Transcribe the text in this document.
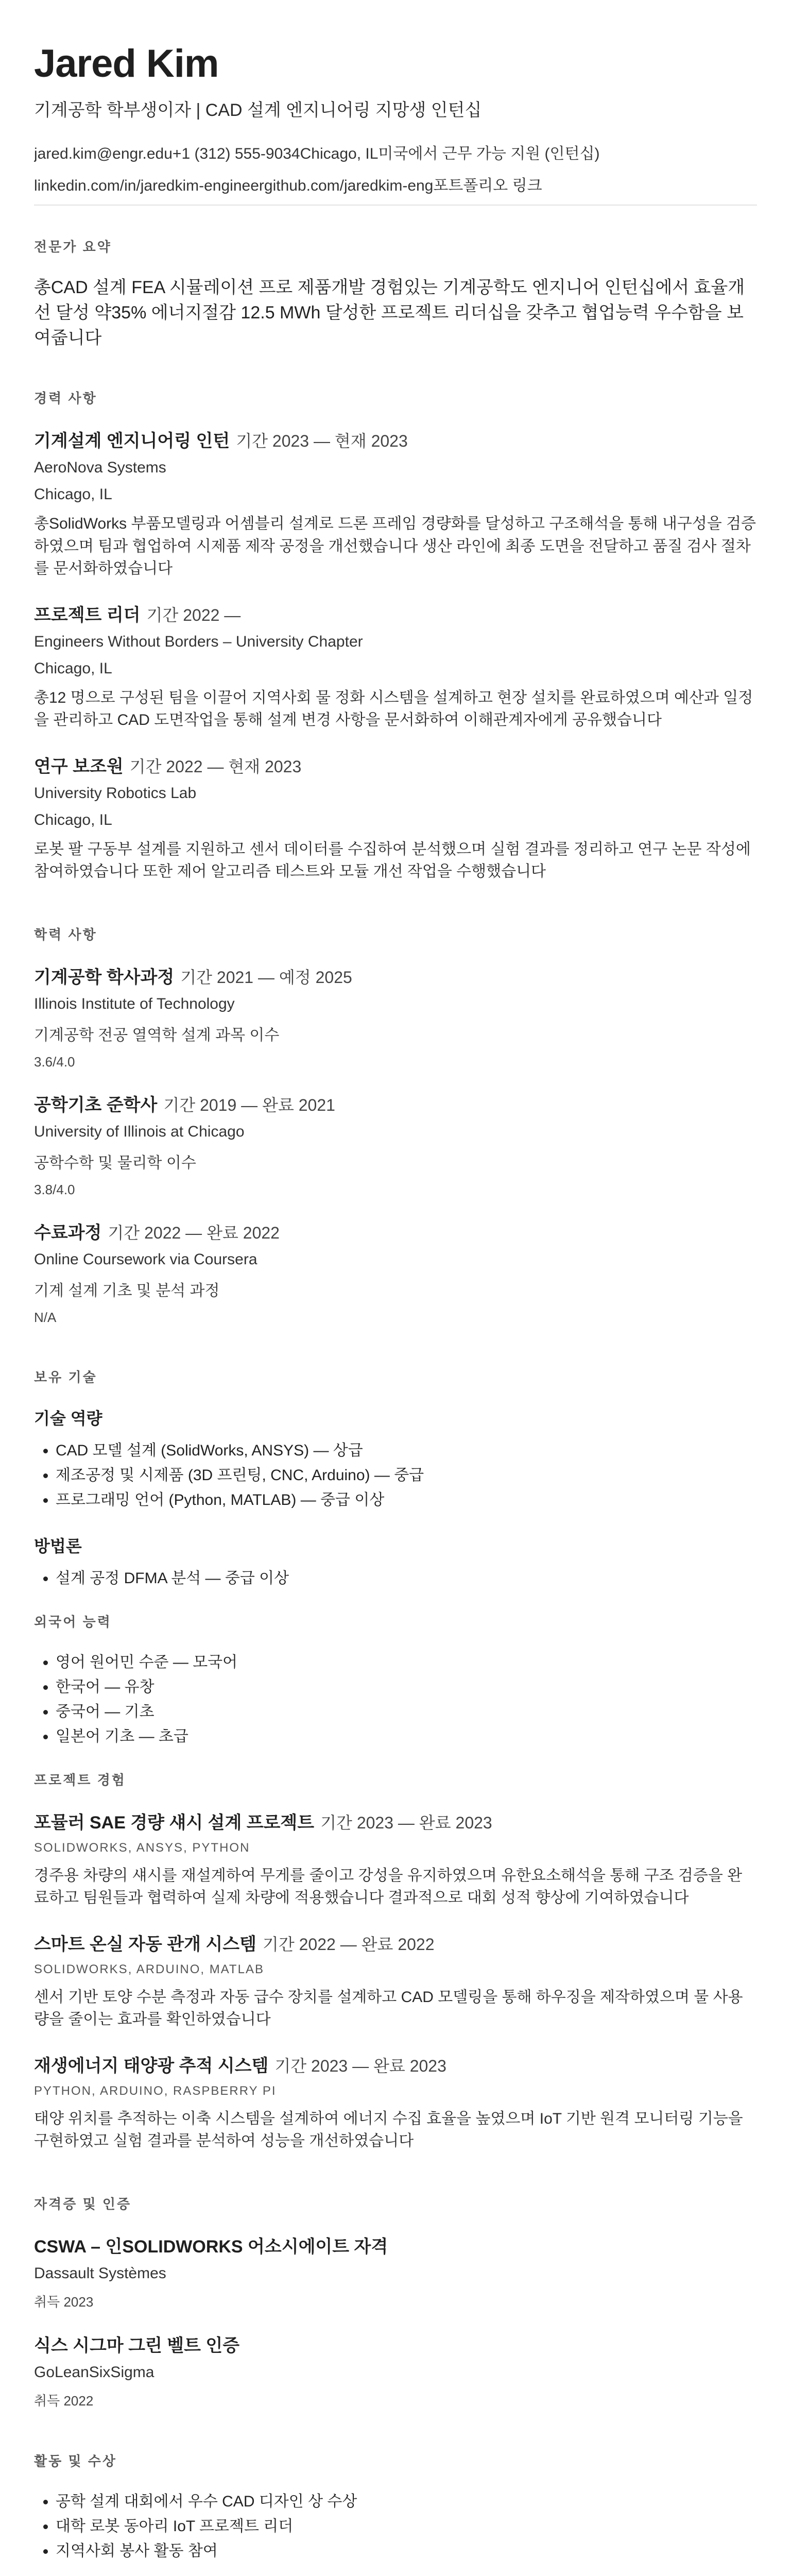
Jared Kim
기계공학 학부생이자 | CAD 설계 엔지니어링 지망생 인턴십
jared.kim@engr.edu+1 (312) 555-9034Chicago, IL미국에서 근무 가능 지원 (인턴십)
linkedin.com/in/jaredkim-engineergithub.com/jaredkim-eng포트폴리오 링크
전문가 요약

총CAD 설계 FEA 시뮬레이션 프로 제품개발 경험있는 기계공학도 엔지니어 인턴십에서 효율개선 달성 약35% 에너지절감 12.5 MWh 달성한 프로젝트 리더십을 갖추고 협업능력 우수함을 보여줍니다

경력 사항
기계설계 엔지니어링 인턴 기간 2023 — 현재 2023
AeroNova Systems
Chicago, IL

총SolidWorks 부품모델링과 어셈블리 설계로 드론 프레임 경량화를 달성하고 구조해석을 통해 내구성을 검증하였으며 팀과 협업하여 시제품 제작 공정을 개선했습니다 생산 라인에 최종 도면을 전달하고 품질 검사 절차를 문서화하였습니다

프로젝트 리더 기간 2022 —
Engineers Without Borders – University Chapter
Chicago, IL

총12 명으로 구성된 팀을 이끌어 지역사회 물 정화 시스템을 설계하고 현장 설치를 완료하였으며 예산과 일정을 관리하고 CAD 도면작업을 통해 설계 변경 사항을 문서화하여 이해관계자에게 공유했습니다

연구 보조원 기간 2022 — 현재 2023
University Robotics Lab
Chicago, IL

로봇 팔 구동부 설계를 지원하고 센서 데이터를 수집하여 분석했으며 실험 결과를 정리하고 연구 논문 작성에 참여하였습니다 또한 제어 알고리즘 테스트와 모듈 개선 작업을 수행했습니다

학력 사항
기계공학 학사과정 기간 2021 — 예정 2025
Illinois Institute of Technology
기계공학 전공 열역학 설계 과목 이수
3.6/4.0
공학기초 준학사 기간 2019 — 완료 2021
University of Illinois at Chicago
공학수학 및 물리학 이수
3.8/4.0
수료과정 기간 2022 — 완료 2022
Online Coursework via Coursera
기계 설계 기초 및 분석 과정
N/A
보유 기술
기술 역량
• CAD 모델 설계 (SolidWorks, ANSYS) — 상급
• 제조공정 및 시제품 (3D 프린팅, CNC, Arduino) — 중급
• 프로그래밍 언어 (Python, MATLAB) — 중급 이상
방법론
• 설계 공정 DFMA 분석 — 중급 이상
외국어 능력
• 영어 원어민 수준 — 모국어
• 한국어 — 유창
• 중국어 — 기초
• 일본어 기초 — 초급
프로젝트 경험
포뮬러 SAE 경량 섀시 설계 프로젝트 기간 2023 — 완료 2023
SOLIDWORKS, ANSYS, PYTHON

경주용 차량의 섀시를 재설계하여 무게를 줄이고 강성을 유지하였으며 유한요소해석을 통해 구조 검증을 완료하고 팀원들과 협력하여 실제 차량에 적용했습니다 결과적으로 대회 성적 향상에 기여하였습니다

스마트 온실 자동 관개 시스템 기간 2022 — 완료 2022
SOLIDWORKS, ARDUINO, MATLAB

센서 기반 토양 수분 측정과 자동 급수 장치를 설계하고 CAD 모델링을 통해 하우징을 제작하였으며 물 사용량을 줄이는 효과를 확인하였습니다

재생에너지 태양광 추적 시스템 기간 2023 — 완료 2023
PYTHON, ARDUINO, RASPBERRY PI

태양 위치를 추적하는 이축 시스템을 설계하여 에너지 수집 효율을 높였으며 IoT 기반 원격 모니터링 기능을 구현하였고 실험 결과를 분석하여 성능을 개선하였습니다

자격증 및 인증
CSWA – 인SOLIDWORKS 어소시에이트 자격
Dassault Systèmes
취득 2023
식스 시그마 그린 벨트 인증
GoLeanSixSigma
취득 2022
활동 및 수상
• 공학 설계 대회에서 우수 CAD 디자인 상 수상
• 대학 로봇 동아리 IoT 프로젝트 리더
• 지역사회 봉사 활동 참여
